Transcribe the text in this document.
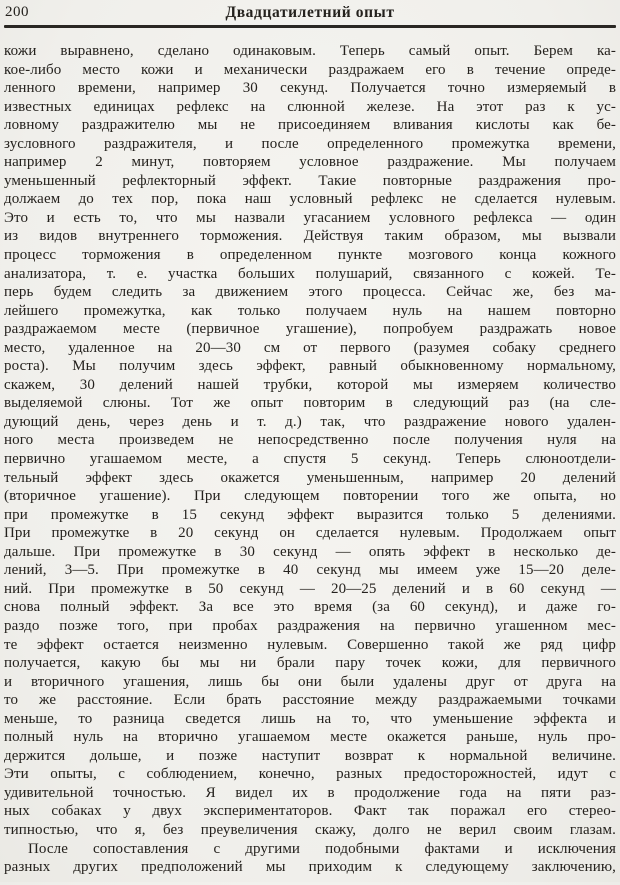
200	Двадцатилетний опыт
кожи выравнено, сделано одинаковым. Теперь самый опыт. Берем ка-
кое-либо место кожи и механически раздражаем его в течение опреде-
ленного времени, например 30 секунд. Получается точно измеряемый в
известных единицах рефлекс на слюнной железе. На этот раз к ус-
ловному раздражителю мы не присоединяем вливания кислоты как бе-
зусловного раздражителя, и после определенного промежутка времени,
например 2 минут, повторяем условное раздражение. Мы получаем
уменьшенный рефлекторный эффект. Такие повторные раздражения про-
должаем до тех пор, пока наш условный рефлекс не сделается нулевым.
Это и есть то, что мы назвали угасанием условного рефлекса — один
из видов внутреннего торможения. Действуя таким образом, мы вызвали
процесс торможения в определенном пункте мозгового конца кожного
анализатора, т. е. участка больших полушарий, связанного с кожей. Те-
перь будем следить за движением этого процесса. Сейчас же, без ма-
лейшего промежутка, как только получаем нуль на нашем повторно
раздражаемом месте (первичное угашение), попробуем раздражать новое
место, удаленное на 20—30 см от первого (разумея собаку среднего
роста). Мы получим здесь эффект, равный обыкновенному нормальному,
скажем, 30 делений нашей трубки, которой мы измеряем количество
выделяемой слюны. Тот же опыт повторим в следующий раз (на сле-
дующий день, через день и т. д.) так, что раздражение нового удален-
ного места произведем не непосредственно после получения нуля на
первично угашаемом месте, а спустя 5 секунд. Теперь слюноотдели-
тельный эффект здесь окажется уменьшенным, например 20 делений
(вторичное угашение). При следующем повторении того же опыта, но
при промежутке в 15 секунд эффект выразится только 5 делениями.
При промежутке в 20 секунд он сделается нулевым. Продолжаем опыт
дальше. При промежутке в 30 секунд — опять эффект в несколько де-
лений, 3—5. При промежутке в 40 секунд мы имеем уже 15—20 деле-
ний. При промежутке в 50 секунд — 20—25 делений и в 60 секунд —
снова полный эффект. За все это время (за 60 секунд), и даже го-
раздо позже того, при пробах раздражения на первично угашенном мес-
те эффект остается неизменно нулевым. Совершенно такой же ряд цифр
получается, какую бы мы ни брали пару точек кожи, для первичного
и вторичного угашения, лишь бы они были удалены друг от друга на
то же расстояние. Если брать расстояние между раздражаемыми точками
меньше, то разница сведется лишь на то, что уменьшение эффекта и
полный нуль на вторично угашаемом месте окажется раньше, нуль про-
держится дольше, и позже наступит возврат к нормальной величине.
Эти опыты, с соблюдением, конечно, разных предосторожностей, идут с
удивительной точностью. Я видел их в продолжение года на пяти раз-
ных собаках у двух экспериментаторов. Факт так поражал его стерео-
типностью, что я, без преувеличения скажу, долго не верил своим глазам.
После сопоставления с другими подобными фактами и исключения
разных других предположений мы приходим к следующему заключению,
